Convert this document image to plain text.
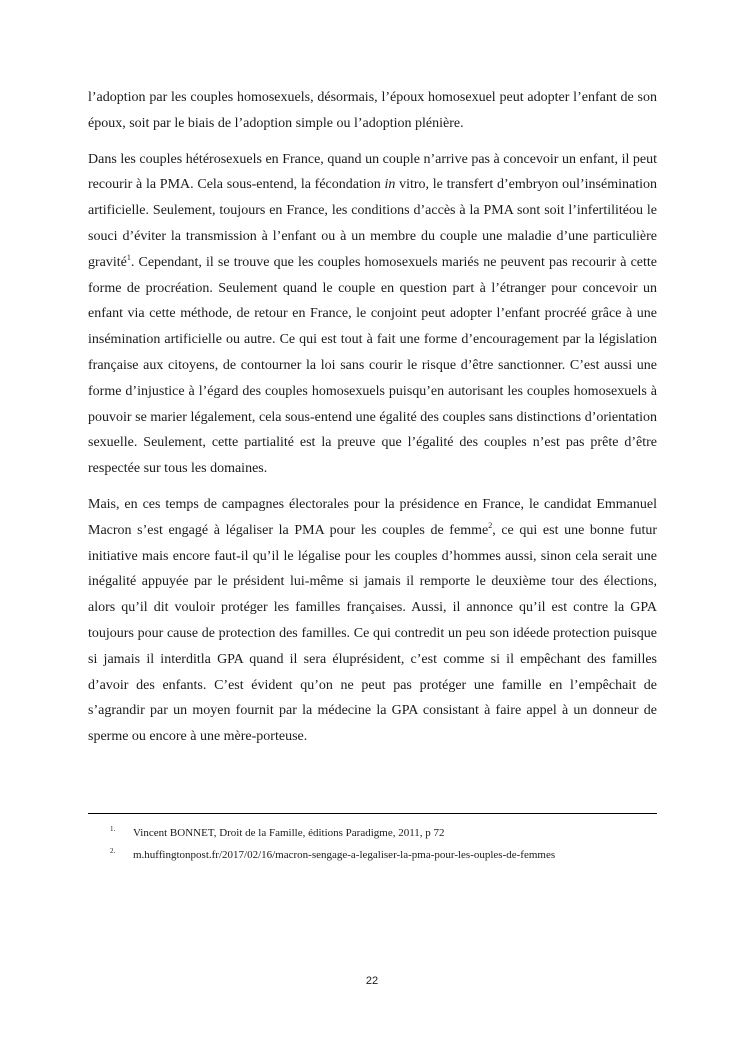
l’adoption par les couples homosexuels, désormais, l’époux homosexuel peut adopter l’enfant de son époux, soit par le biais de l’adoption simple ou l’adoption plénière.

Dans les couples hétérosexuels en France, quand un couple n’arrive pas à concevoir un enfant, il peut recourir à la PMA. Cela sous-entend, la fécondation in vitro, le transfert d’embryon oul’insémination artificielle. Seulement, toujours en France, les conditions d’accès à la PMA sont soit l’infertilitéou le souci d’éviter la transmission à l’enfant ou à un membre du couple une maladie d’une particulière gravité$^1$. Cependant, il se trouve que les couples homosexuels mariés ne peuvent pas recourir à cette forme de procréation. Seulement quand le couple en question part à l’étranger pour concevoir un enfant via cette méthode, de retour en France, le conjoint peut adopter l’enfant procréé grâce à une insémination artificielle ou autre. Ce qui est tout à fait une forme d’encouragement par la législation française aux citoyens, de contourner la loi sans courir le risque d’être sanctionner. C’est aussi une forme d’injustice à l’égard des couples homosexuels puisqu’en autorisant les couples homosexuels à pouvoir se marier légalement, cela sous-entend une égalité des couples sans distinctions d’orientation sexuelle. Seulement, cette partialité est la preuve que l’égalité des couples n’est pas prête d’être respectée sur tous les domaines.

Mais, en ces temps de campagnes électorales pour la présidence en France, le candidat Emmanuel Macron s’est engagé à légaliser la PMA pour les couples de femme$^2$, ce qui est une bonne futur initiative mais encore faut-il qu’il le légalise pour les couples d’hommes aussi, sinon cela serait une inégalité appuyée par le président lui-même si jamais il remporte le deuxième tour des élections, alors qu’il dit vouloir protéger les familles françaises. Aussi, il annonce qu’il est contre la GPA toujours pour cause de protection des familles. Ce qui contredit un peu son idéede protection puisque si jamais il interditla GPA quand il sera éluprésident, c’est comme si il empêchant des familles d’avoir des enfants. C’est évident qu’on ne peut pas protéger une famille en l’empêchait de s’agrandir par un moyen fournit par la médecine la GPA consistant à faire appel à un donneur de sperme ou encore à une mère-porteuse.

1. Vincent BONNET, Droit de la Famille, éditions Paradigme, 2011, p 72
2. m.huffingtonpost.fr/2017/02/16/macron-sengage-a-legaliser-la-pma-pour-les-ouples-de-femmes
22
